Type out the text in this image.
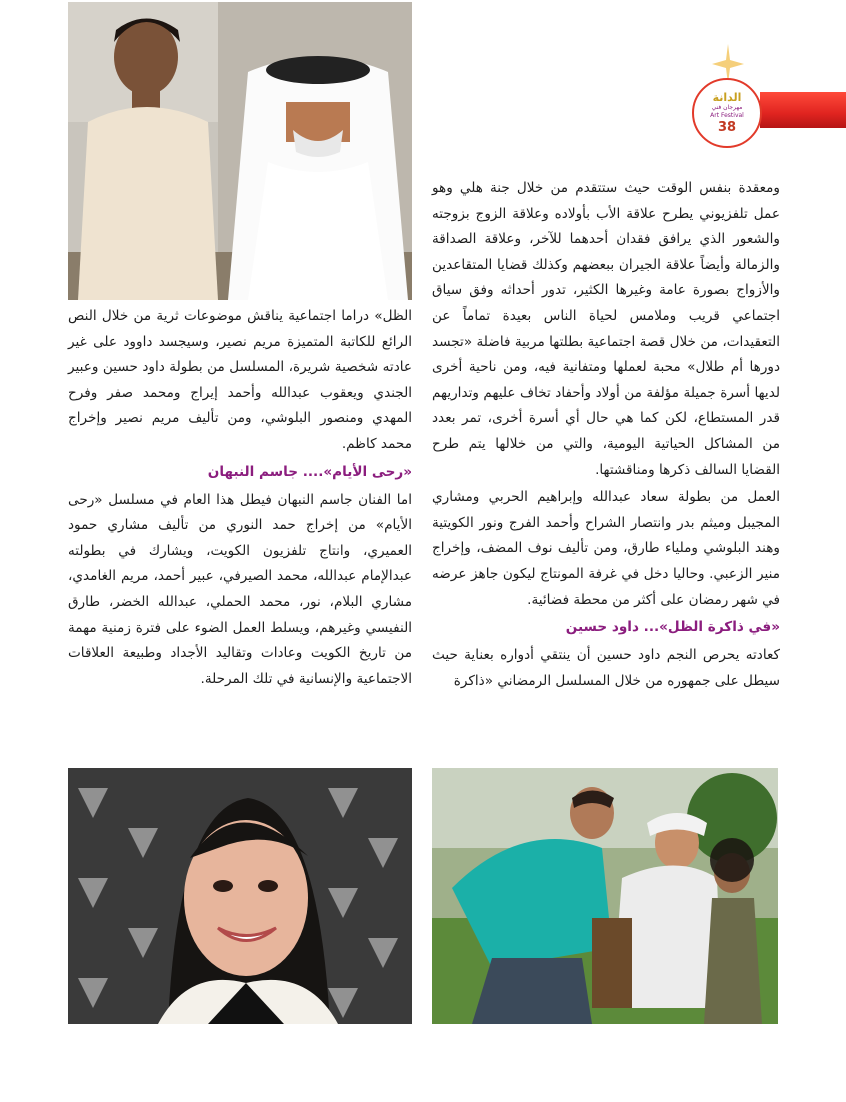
الدانة
مهرجان فني
Art Festival
38

ومعقدة بنفس الوقت حيث ستتقدم من خلال جنة هلي وهو عمل تلفزيوني يطرح علاقة الأب بأولاده وعلاقة الزوج بزوجته والشعور الذي يرافق فقدان أحدهما للآخر، وعلاقة الصداقة والزمالة وأيضاً علاقة الجيران ببعضهم وكذلك قضايا المتقاعدين والأزواج بصورة عامة وغيرها الكثير، تدور أحداثه وفق سياق اجتماعي قريب وملامس لحياة الناس بعيدة تماماً عن التعقيدات، من خلال قصة اجتماعية بطلتها مربية فاضلة «تجسد دورها أم طلال» محبة لعملها ومتفانية فيه، ومن ناحية أخرى لديها أسرة جميلة مؤلفة من أولاد وأحفاد تخاف عليهم وتداريهم قدر المستطاع، لكن كما هي حال أي أسرة أخرى، تمر بعدد من المشاكل الحياتية اليومية، والتي من خلالها يتم طرح القضايا السالف ذكرها ومناقشتها.

العمل من بطولة سعاد عبدالله وإبراهيم الحربي ومشاري المجيبل وميثم بدر وانتصار الشراح وأحمد الفرج ونور الكويتية وهند البلوشي وملياء طارق، ومن تأليف نوف المضف، وإخراج منير الزعبي. وحاليا دخل في غرفة المونتاج ليكون جاهز عرضه في شهر رمضان على أكثر من محطة فضائية.

«في ذاكرة الظل»... داود حسين

كعادته يحرص النجم داود حسين أن ينتقي أدواره بعناية حيث سيطل على جمهوره من خلال المسلسل الرمضاني «ذاكرة

الظل» دراما اجتماعية يناقش موضوعات ثرية من خلال النص الرائع للكاتبة المتميزة مريم نصير، وسيجسد داوود على غير عادته شخصية شريرة، المسلسل من بطولة داود حسين وعبير الجندي ويعقوب عبدالله وأحمد إيراج ومحمد صفر وفرح المهدي ومنصور البلوشي، ومن تأليف مريم نصير وإخراج محمد كاظم.

«رحى الأيام».... جاسم النبهان

اما الفنان جاسم النبهان فيطل هذا العام في مسلسل «رحى الأيام» من إخراج حمد النوري من تأليف مشاري حمود العميري، وانتاج تلفزيون الكويت، ويشارك في بطولته عبدالإمام عبدالله، محمد الصيرفي، عبير أحمد، مريم الغامدي، مشاري البلام، نور، محمد الحملي، عبدالله الخضر، طارق النفيسي وغيرهم، ويسلط العمل الضوء على فترة زمنية مهمة من تاريخ الكويت وعادات وتقاليد الأجداد وطبيعة العلاقات الاجتماعية والإنسانية في تلك المرحلة.
